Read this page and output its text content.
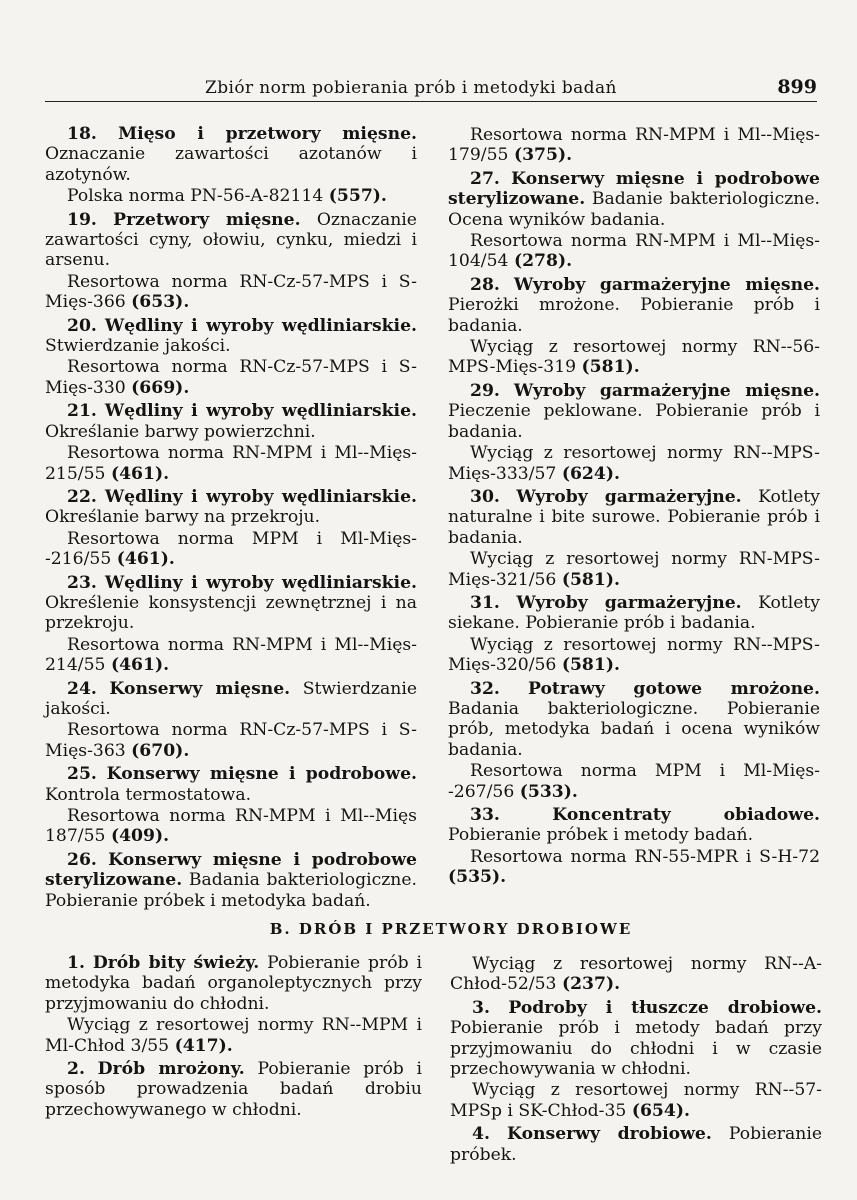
Zbiór norm pobierania prób i metodyki badań	899

18. Mięso i przetwory mięsne. Oznaczanie zawartości azotanów i azotynów.

Polska norma PN-56-A-82114 (557).

19. Przetwory mięsne. Oznaczanie zawartości cyny, ołowiu, cynku, miedzi i arsenu.

Resortowa norma RN-Cz-57-MPS i S-Mięs-366 (653).

20. Wędliny i wyroby wędliniarskie. Stwierdzanie jakości.

Resortowa norma RN-Cz-57-MPS i S-Mięs-330 (669).

21. Wędliny i wyroby wędliniarskie. Określanie barwy powierzchni.

Resortowa norma RN-MPM i Ml--Mięs-215/55 (461).

22. Wędliny i wyroby wędliniarskie. Określanie barwy na przekroju.

Resortowa norma MPM i Ml-Mięs--216/55 (461).

23. Wędliny i wyroby wędliniarskie. Określenie konsystencji zewnętrznej i na przekroju.

Resortowa norma RN-MPM i Ml--Mięs-214/55 (461).

24. Konserwy mięsne. Stwierdzanie jakości.

Resortowa norma RN-Cz-57-MPS i S-Mięs-363 (670).

25. Konserwy mięsne i podrobowe. Kontrola termostatowa.

Resortowa norma RN-MPM i Ml--Mięs 187/55 (409).

26. Konserwy mięsne i podrobowe sterylizowane. Badania bakteriologiczne. Pobieranie próbek i metodyka badań.

Resortowa norma RN-MPM i Ml--Mięs-179/55 (375).

27. Konserwy mięsne i podrobowe sterylizowane. Badanie bakteriologiczne. Ocena wyników badania.

Resortowa norma RN-MPM i Ml--Mięs-104/54 (278).

28. Wyroby garmażeryjne mięsne. Pierożki mrożone. Pobieranie prób i badania.

Wyciąg z resortowej normy RN--56-MPS-Mięs-319 (581).

29. Wyroby garmażeryjne mięsne. Pieczenie peklowane. Pobieranie prób i badania.

Wyciąg z resortowej normy RN--MPS-Mięs-333/57 (624).

30. Wyroby garmażeryjne. Kotlety naturalne i bite surowe. Pobieranie prób i badania.

Wyciąg z resortowej normy RN-MPS-Mięs-321/56 (581).

31. Wyroby garmażeryjne. Kotlety siekane. Pobieranie prób i badania.

Wyciąg z resortowej normy RN--MPS-Mięs-320/56 (581).

32. Potrawy gotowe mrożone. Badania bakteriologiczne. Pobieranie prób, metodyka badań i ocena wyników badania.

Resortowa norma MPM i Ml-Mięs--267/56 (533).

33.	Koncentraty obiadowe. Pobieranie próbek i metody badań.

Resortowa norma RN-55-MPR i S-H-72 (535).

B. DRÓB I PRZETWORY DROBIOWE

1. Drób bity świeży. Pobieranie prób i metodyka badań organoleptycznych przy przyjmowaniu do chłodni.

Wyciąg z resortowej normy RN--MPM i Ml-Chłod 3/55 (417).

2. Drób mrożony. Pobieranie prób i sposób prowadzenia badań drobiu przechowywanego w chłodni.

Wyciąg z resortowej normy RN--A-Chłod-52/53 (237).

3. Podroby i tłuszcze drobiowe. Pobieranie prób i metody badań przy przyjmowaniu do chłodni i w czasie przechowywania w chłodni.

Wyciąg z resortowej normy RN--57-MPSp i SK-Chłod-35 (654).

4. Konserwy drobiowe. Pobieranie próbek.
